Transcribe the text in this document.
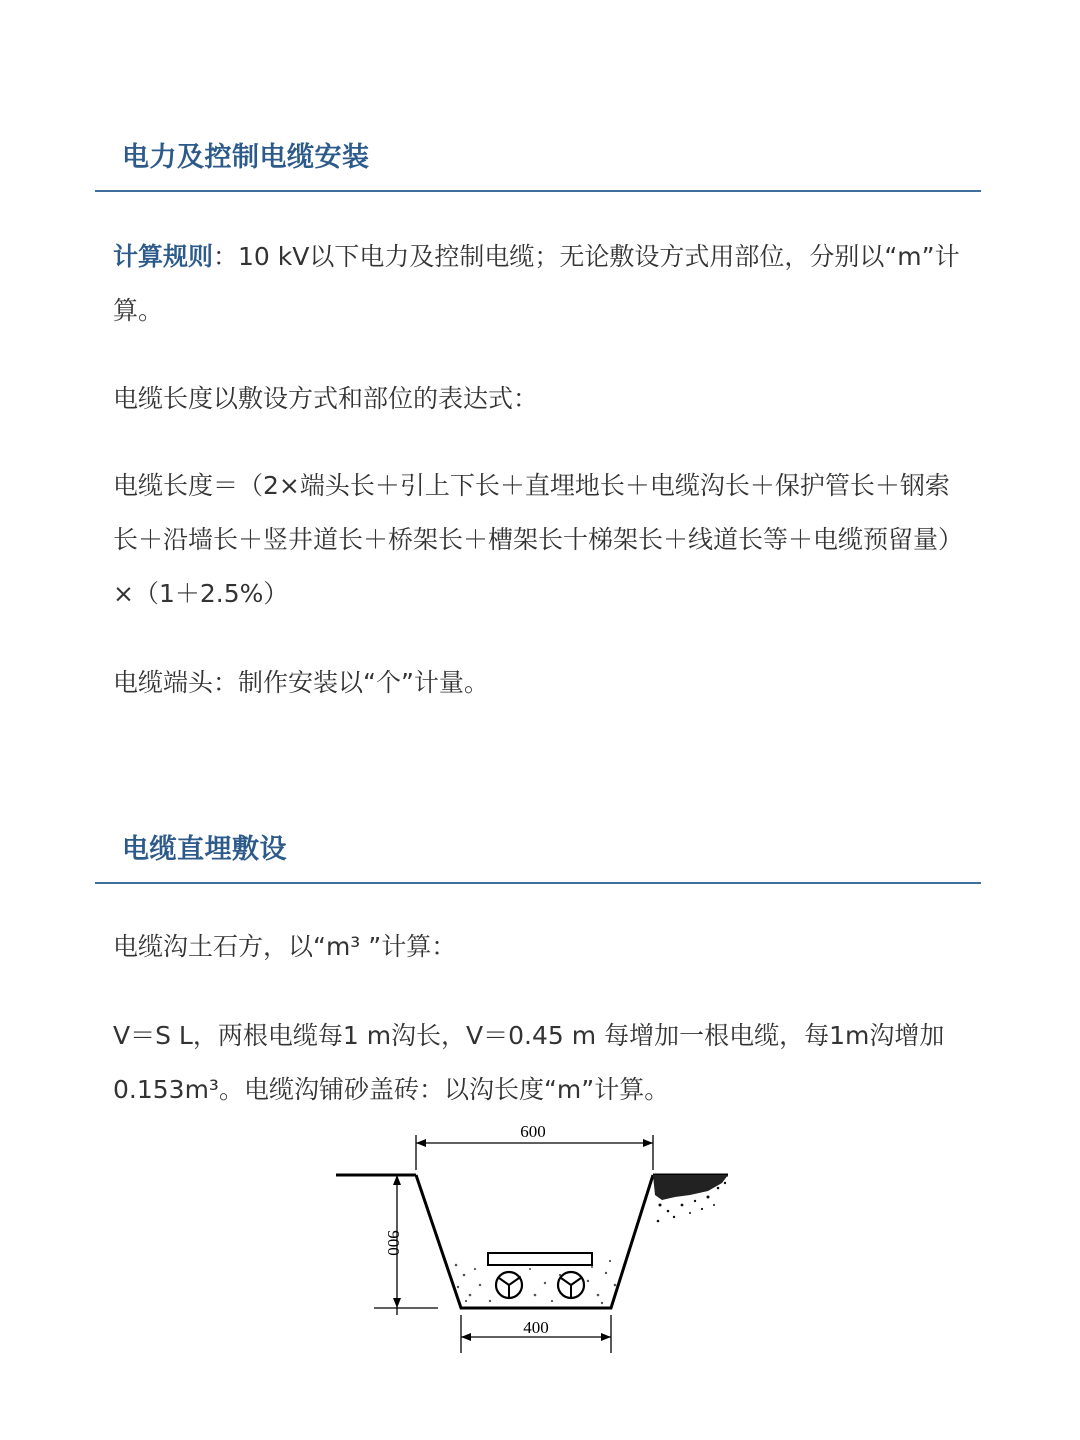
电力及控制电缆安装
计算规则：10 kV以下电力及控制电缆；无论敷设方式用部位，分别以“m”计算。
电缆长度以敷设方式和部位的表达式：
电缆长度＝（2×端头长＋引上下长＋直埋地长＋电缆沟长＋保护管长＋钢索长＋沿墙长＋竖井道长＋桥架长＋槽架长十梯架长＋线道长等＋电缆预留量）×（1＋2.5%）
电缆端头：制作安装以“个”计量。
电缆直埋敷设
电缆沟土石方，以“m³ ”计算：
V＝S L，两根电缆每1 m沟长，V＝0.45 m 每增加一根电缆，每1m沟增加0.153m³。电缆沟铺砂盖砖：以沟长度“m”计算。
600
900
400
